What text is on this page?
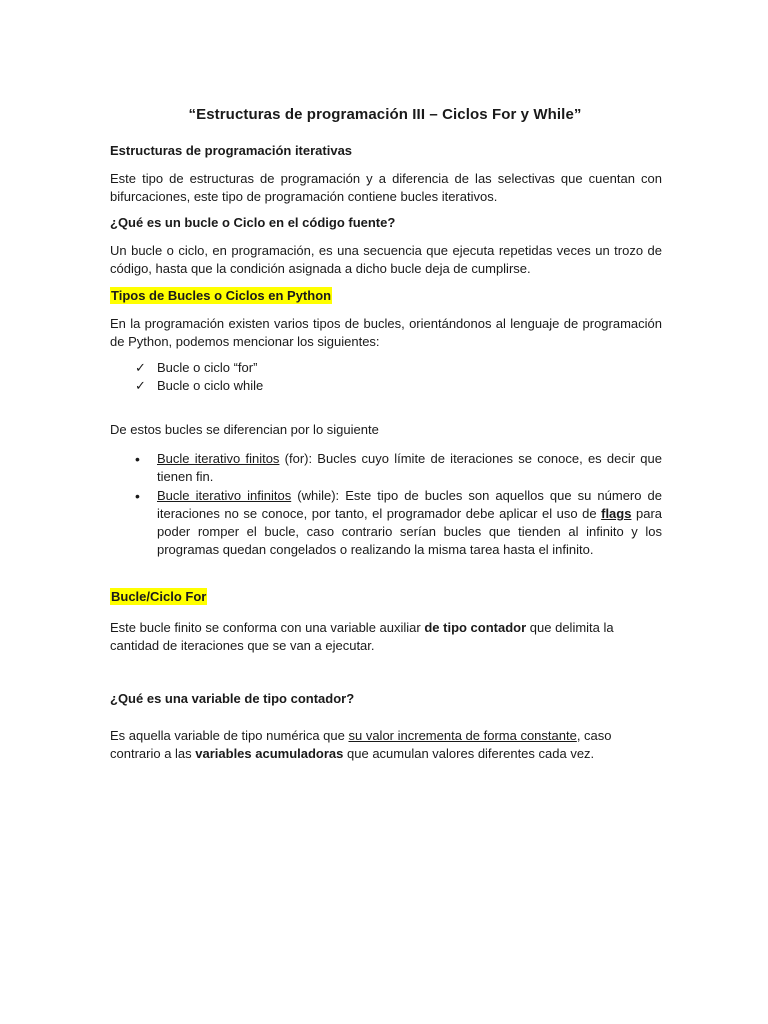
“Estructuras de programación III – Ciclos For y While”
Estructuras de programación iterativas
Este tipo de estructuras de programación y a diferencia de las selectivas que cuentan con bifurcaciones, este tipo de programación contiene bucles iterativos.
¿Qué es un bucle o Ciclo en el código fuente?
Un bucle o ciclo, en programación, es una secuencia que ejecuta repetidas veces un trozo de código, hasta que la condición asignada a dicho bucle deja de cumplirse.
Tipos de Bucles o Ciclos en Python
En la programación existen varios tipos de bucles, orientándonos al lenguaje de programación de Python, podemos mencionar los siguientes:
✓ Bucle o ciclo “for”
✓ Bucle o ciclo while
De estos bucles se diferencian por lo siguiente
•	Bucle iterativo finitos (for): Bucles cuyo límite de iteraciones se conoce, es decir que tienen fin.
•	Bucle iterativo infinitos (while): Este tipo de bucles son aquellos que su número de iteraciones no se conoce, por tanto, el programador debe aplicar el uso de flags para poder romper el bucle, caso contrario serían bucles que tienden al infinito y los programas quedan congelados o realizando la misma tarea hasta el infinito.
Bucle/Ciclo For
Este bucle finito se conforma con una variable auxiliar de tipo contador que delimita la cantidad de iteraciones que se van a ejecutar.
¿Qué es una variable de tipo contador?
Es aquella variable de tipo numérica que su valor incrementa de forma constante, caso contrario a las variables acumuladoras que acumulan valores diferentes cada vez.
